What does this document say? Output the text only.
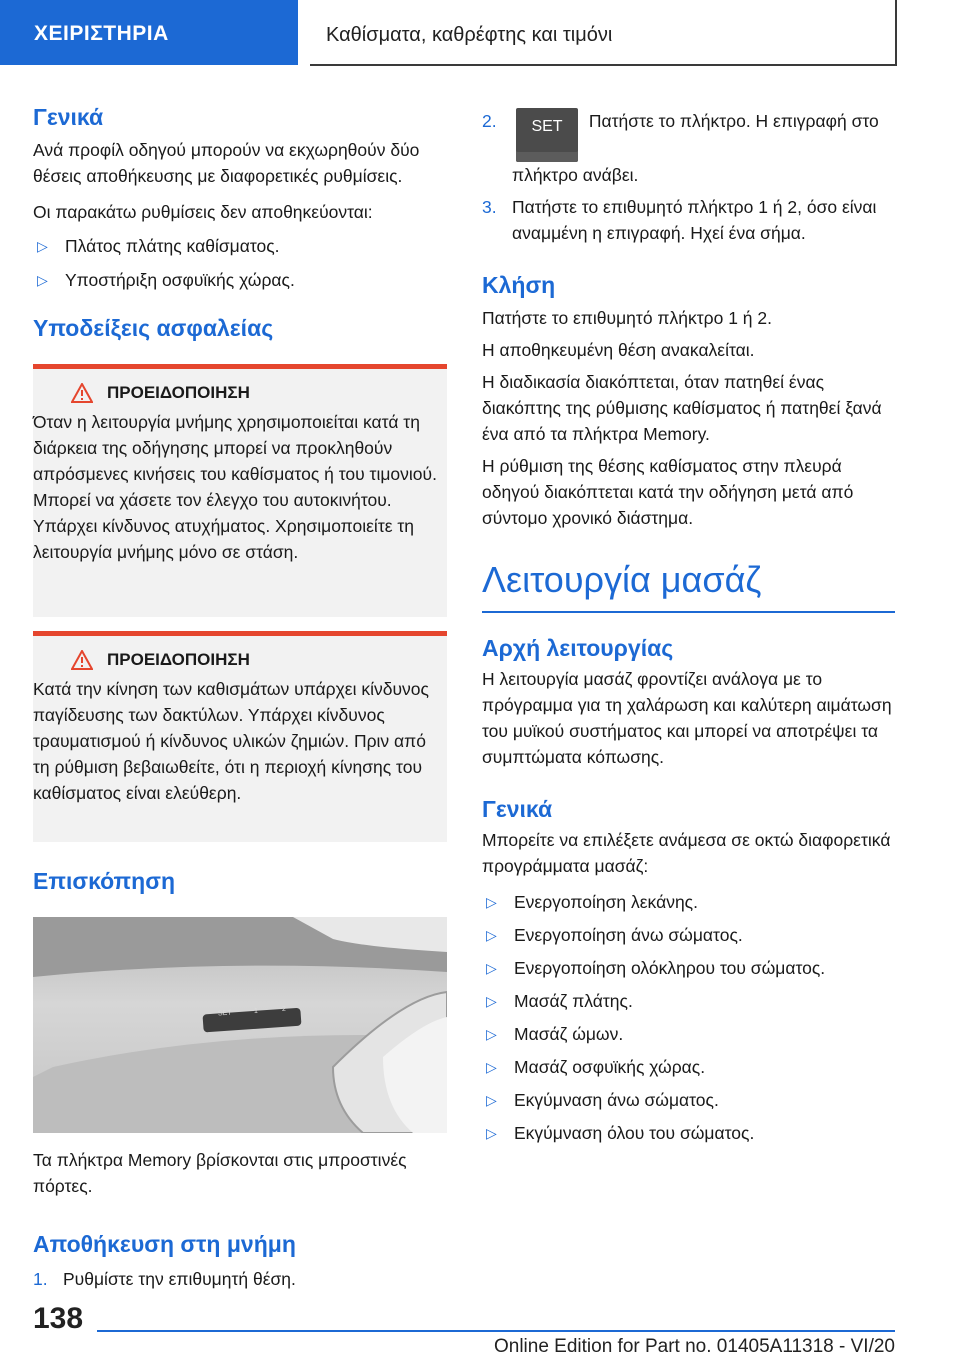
ΧΕΙΡΙΣΤΗΡΙΑ	Καθίσματα, καθρέφτης και τιμόνι
Γενικά

Ανά προφίλ οδηγού μπορούν να εκχωρηθούν δύο θέσεις αποθήκευσης με διαφορετικές ρυθμίσεις.

Οι παρακάτω ρυθμίσεις δεν αποθηκεύονται:

▷ Πλάτος πλάτης καθίσματος.
▷ Υποστήριξη οσφυϊκής χώρας.
Υποδείξεις ασφαλείας
ΠΡΟΕΙΔΟΠΟΙΗΣΗ
Όταν η λειτουργία μνήμης χρησιμοποιείται κατά τη διάρκεια της οδήγησης μπορεί να προκληθούν απρόσμενες κινήσεις του καθίσματος ή του τιμονιού. Μπορεί να χάσετε τον έλεγχο του αυτοκινήτου. Υπάρχει κίνδυνος ατυχήματος. Χρησιμοποιείτε τη λειτουργία μνήμης μόνο σε στάση.
ΠΡΟΕΙΔΟΠΟΙΗΣΗ
Κατά την κίνηση των καθισμάτων υπάρχει κίνδυνος παγίδευσης των δακτύλων. Υπάρχει κίνδυνος τραυματισμού ή κίνδυνος υλικών ζημιών. Πριν από τη ρύθμιση βεβαιωθείτε, ότι η περιοχή κίνησης του καθίσματος είναι ελεύθερη.
Επισκόπηση
SET	1	2

Τα πλήκτρα Memory βρίσκονται στις μπροστινές πόρτες.

Αποθήκευση στη μνήμη
1. Ρυθμίστε την επιθυμητή θέση.
2. SET Πατήστε το πλήκτρο. Η επιγραφή στο πλήκτρο ανάβει.
3. Πατήστε το επιθυμητό πλήκτρο 1 ή 2, όσο είναι αναμμένη η επιγραφή. Ηχεί ένα σήμα.
Κλήση

Πατήστε το επιθυμητό πλήκτρο 1 ή 2.

Η αποθηκευμένη θέση ανακαλείται.

Η διαδικασία διακόπτεται, όταν πατηθεί ένας διακόπτης της ρύθμισης καθίσματος ή πατηθεί ξανά ένα από τα πλήκτρα Memory.

Η ρύθμιση της θέσης καθίσματος στην πλευρά οδηγού διακόπτεται κατά την οδήγηση μετά από σύντομο χρονικό διάστημα.

Λειτουργία μασάζ
Αρχή λειτουργίας

Η λειτουργία μασάζ φροντίζει ανάλογα με το πρόγραμμα για τη χαλάρωση και καλύτερη αιμάτωση του μυϊκού συστήματος και μπορεί να αποτρέψει τα συμπτώματα κόπωσης.

Γενικά

Μπορείτε να επιλέξετε ανάμεσα σε οκτώ διαφορετικά προγράμματα μασάζ:

▷ Ενεργοποίηση λεκάνης.
▷ Ενεργοποίηση άνω σώματος.
▷ Ενεργοποίηση ολόκληρου του σώματος.
▷ Μασάζ πλάτης.
▷ Μασάζ ώμων.
▷ Μασάζ οσφυϊκής χώρας.
▷ Εκγύμναση άνω σώματος.
▷ Εκγύμναση όλου του σώματος.
138
Online Edition for Part no. 01405A11318 - VI/20
